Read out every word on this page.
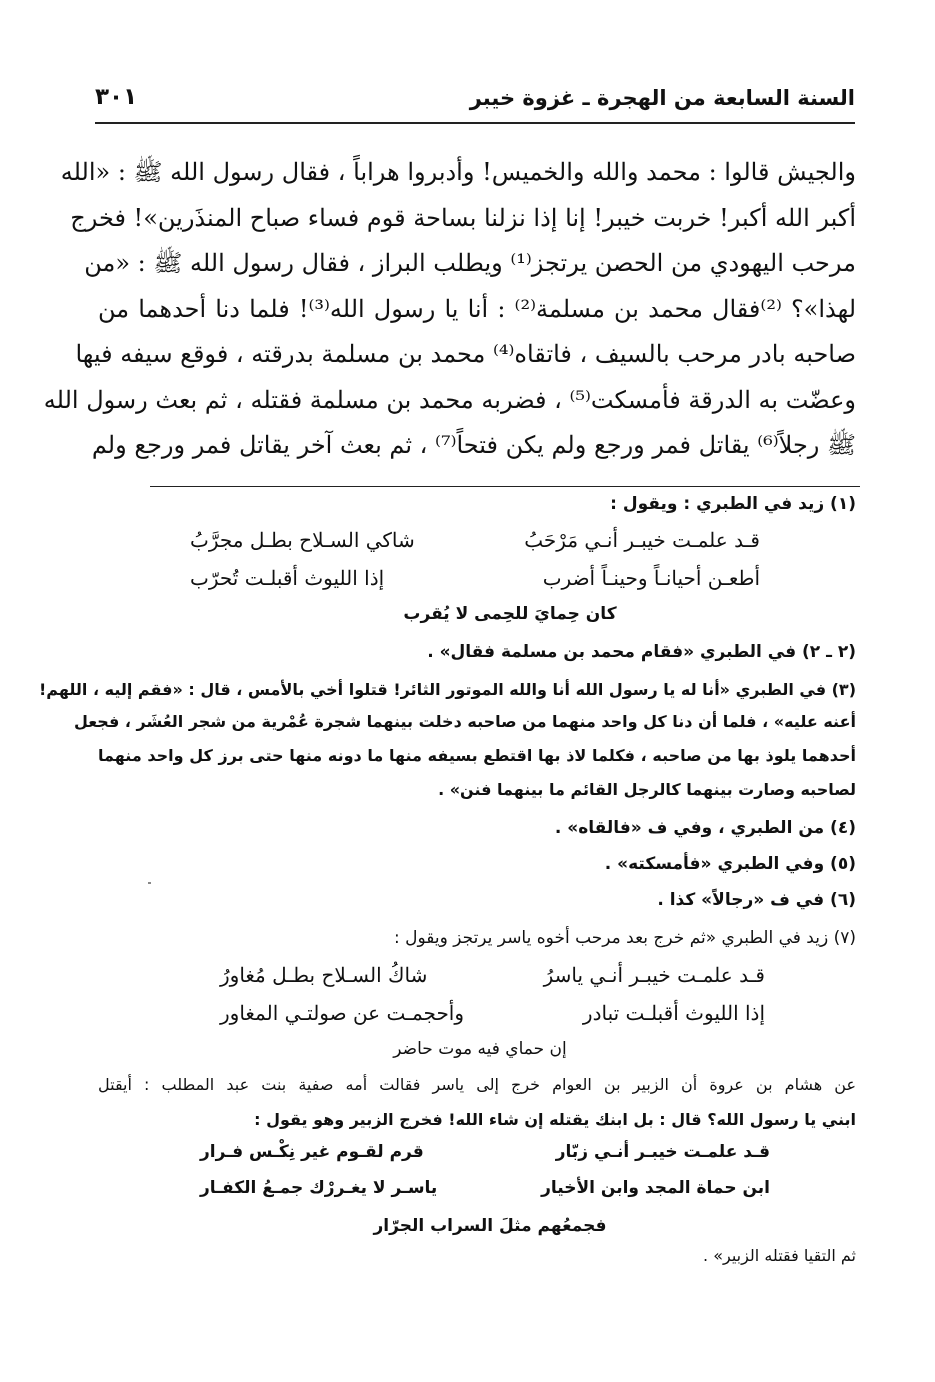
السنة السابعة من الهجرة ـ غزوة خيبر
٣٠١
والجيش قالوا : محمد والله والخميس! وأدبروا هراباً ، فقال رسول الله ﷺ : «الله
أكبر الله أكبر! خربت خيبر! إنا إذا نزلنا بساحة قوم فساء صباح المنذَرين»! فخرج
مرحب اليهودي من الحصن يرتجز⁽¹⁾ ويطلب البراز ، فقال رسول الله ﷺ : «من
لهذا»؟ ⁽²⁾فقال محمد بن مسلمة⁽²⁾ : أنا يا رسول الله⁽³⁾! فلما دنا أحدهما من
صاحبه بادر مرحب بالسيف ، فاتقاه⁽⁴⁾ محمد بن مسلمة بدرقته ، فوقع سيفه فيها
وعضّت به الدرقة فأمسكت⁽⁵⁾ ، فضربه محمد بن مسلمة فقتله ، ثم بعث رسول الله
ﷺ رجلاً⁽⁶⁾ يقاتل فمر ورجع ولم يكن فتحاً⁽⁷⁾ ، ثم بعث آخر يقاتل فمر ورجع ولم
(١) زيد في الطبري : ويقول :
قـد علمـت خيبـر أنـي مَرْحَبُ
شاكي السـلاح بطـل مجرَّبُ
أطعـن أحيانـاً وحينـاً أضرب
إذا الليوث أقبلـت تُحرّب
كان حِمايَ للحِمى لا يُقرب
(٢ ـ ٢) في الطبري «فقام محمد بن مسلمة فقال» .
(٣) في الطبري «أنا له يا رسول الله أنا والله الموتور الثائر! قتلوا أخي بالأمس ، قال : «فقم إليه ، اللهم!
أعنه عليه» ، فلما أن دنا كل واحد منهما من صاحبه دخلت بينهما شجرة عُمْرية من شجر العُشَر ، فجعل
أحدهما يلوذ بها من صاحبه ، فكلما لاذ بها اقتطع بسيفه منها ما دونه منها حتى برز كل واحد منهما
لصاحبه وصارت بينهما كالرجل القائم ما بينهما فنن» .
(٤) من الطبري ، وفي ف «فالقاه» .
(٥) وفي الطبري «فأمسكته» .
(٦) في ف «رجالاً» كذا .
(٧) زيد في الطبري «ثم خرج بعد مرحب أخوه ياسر يرتجز ويقول :
قـد علمـت خيبـر أنـي ياسرُ
شاكُ السـلاح بطـل مُغاورُ
إذا الليوث أقبلـت تبادر
وأحجمـت عن صولتـي المغاور
إن حماي فيه موت حاضر
عن هشام بن عروة أن الزبير بن العوام خرج إلى ياسر فقالت أمه صفية بنت عبد المطلب : أيقتل
ابني يا رسول الله؟ قال : بل ابنك يقتله إن شاء الله! فخرج الزبير وهو يقول :
قـد علمـت خيبـر أنـي زبّار
قرم لقـوم غير نِكْـس فـرار
ابن حماة المجد وابن الأخيار
ياسـر لا يغـررْك جمـعُ الكفـار
فجمعُهم مثلَ السراب الجرّار
ثم التقيا فقتله الزبير» .
